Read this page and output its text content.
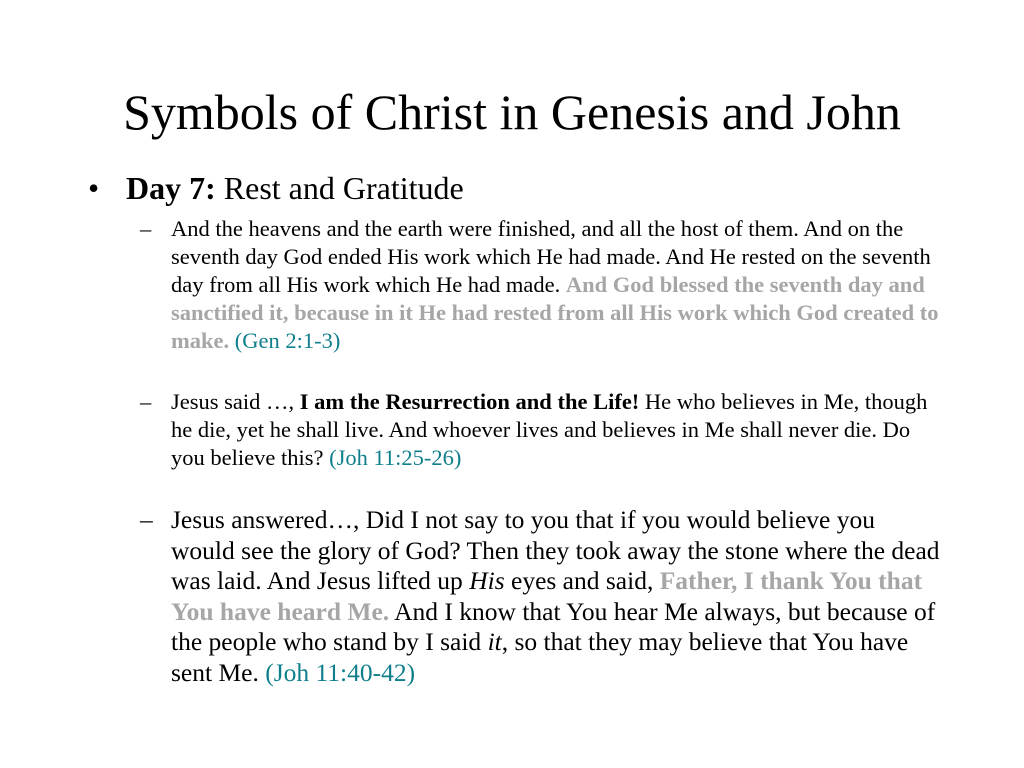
Symbols of Christ in Genesis and John
• Day 7: Rest and Gratitude
– And the heavens and the earth were finished, and all the host of them. And on the seventh day God ended His work which He had made. And He rested on the seventh day from all His work which He had made. And God blessed the seventh day and sanctified it, because in it He had rested from all His work which God created to make. (Gen 2:1-3)
– Jesus said …, I am the Resurrection and the Life! He who believes in Me, though he die, yet he shall live. And whoever lives and believes in Me shall never die. Do you believe this? (Joh 11:25-26)
– Jesus answered…, Did I not say to you that if you would believe you would see the glory of God? Then they took away the stone where the dead was laid. And Jesus lifted up His eyes and said, Father, I thank You that You have heard Me. And I know that You hear Me always, but because of the people who stand by I said it, so that they may believe that You have sent Me. (Joh 11:40-42)
